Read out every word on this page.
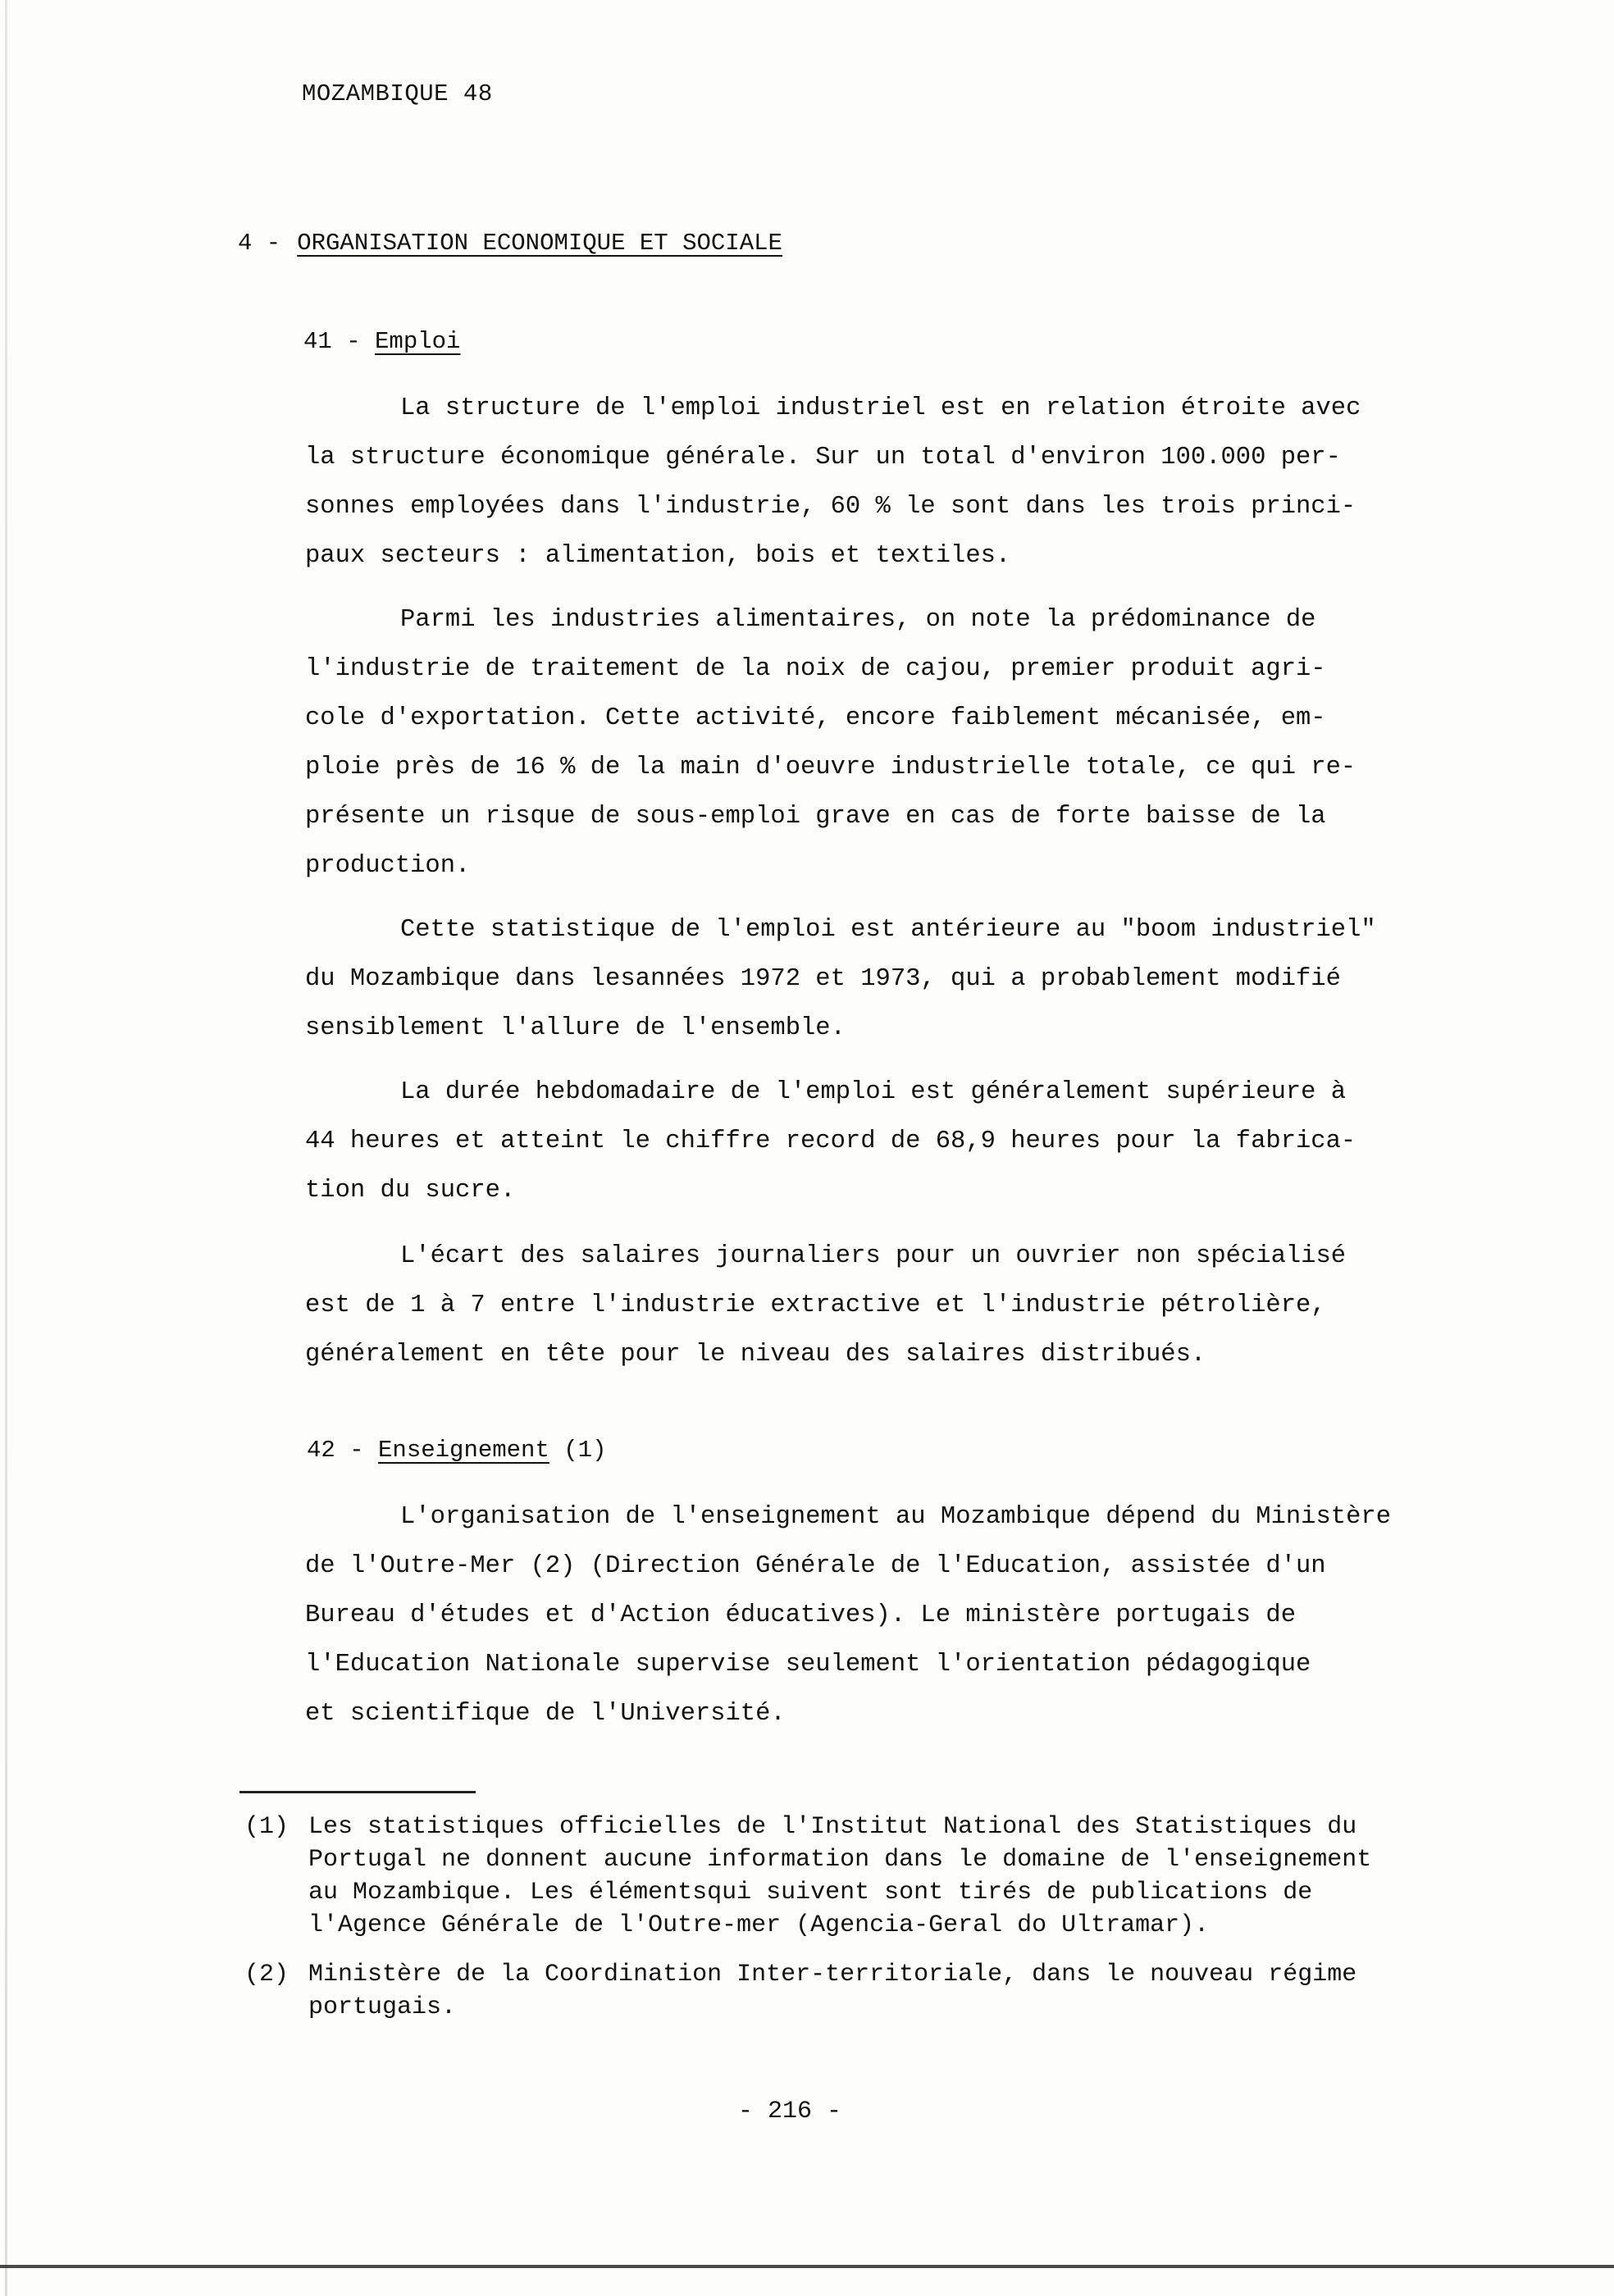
MOZAMBIQUE 48
4 - ORGANISATION ECONOMIQUE ET SOCIALE
41 - Emploi
La structure de l'emploi industriel est en relation étroite avec
la structure économique générale. Sur un total d'environ 100.000 per-
sonnes employées dans l'industrie, 60 % le sont dans les trois princi-
paux secteurs : alimentation, bois et textiles.
Parmi les industries alimentaires, on note la prédominance de
l'industrie de traitement de la noix de cajou, premier produit agri-
cole d'exportation. Cette activité, encore faiblement mécanisée, em-
ploie près de 16 % de la main d'oeuvre industrielle totale, ce qui re-
présente un risque de sous-emploi grave en cas de forte baisse de la
production.
Cette statistique de l'emploi est antérieure au "boom industriel"
du Mozambique dans lesannées 1972 et 1973, qui a probablement modifié
sensiblement l'allure de l'ensemble.
La durée hebdomadaire de l'emploi est généralement supérieure à
44 heures et atteint le chiffre record de 68,9 heures pour la fabrica-
tion du sucre.
L'écart des salaires journaliers pour un ouvrier non spécialisé
est de 1 à 7 entre l'industrie extractive et l'industrie pétrolière,
généralement en tête pour le niveau des salaires distribués.
42 - Enseignement (1)
L'organisation de l'enseignement au Mozambique dépend du Ministère
de l'Outre-Mer (2) (Direction Générale de l'Education, assistée d'un
Bureau d'études et d'Action éducatives). Le ministère portugais de
l'Education Nationale supervise seulement l'orientation pédagogique
et scientifique de l'Université.
(1) Les statistiques officielles de l'Institut National des Statistiques du
Portugal ne donnent aucune information dans le domaine de l'enseignement
au Mozambique. Les élémentsqui suivent sont tirés de publications de
l'Agence Générale de l'Outre-mer (Agencia-Geral do Ultramar).
(2) Ministère de la Coordination Inter-territoriale, dans le nouveau régime
portugais.
- 216 -
